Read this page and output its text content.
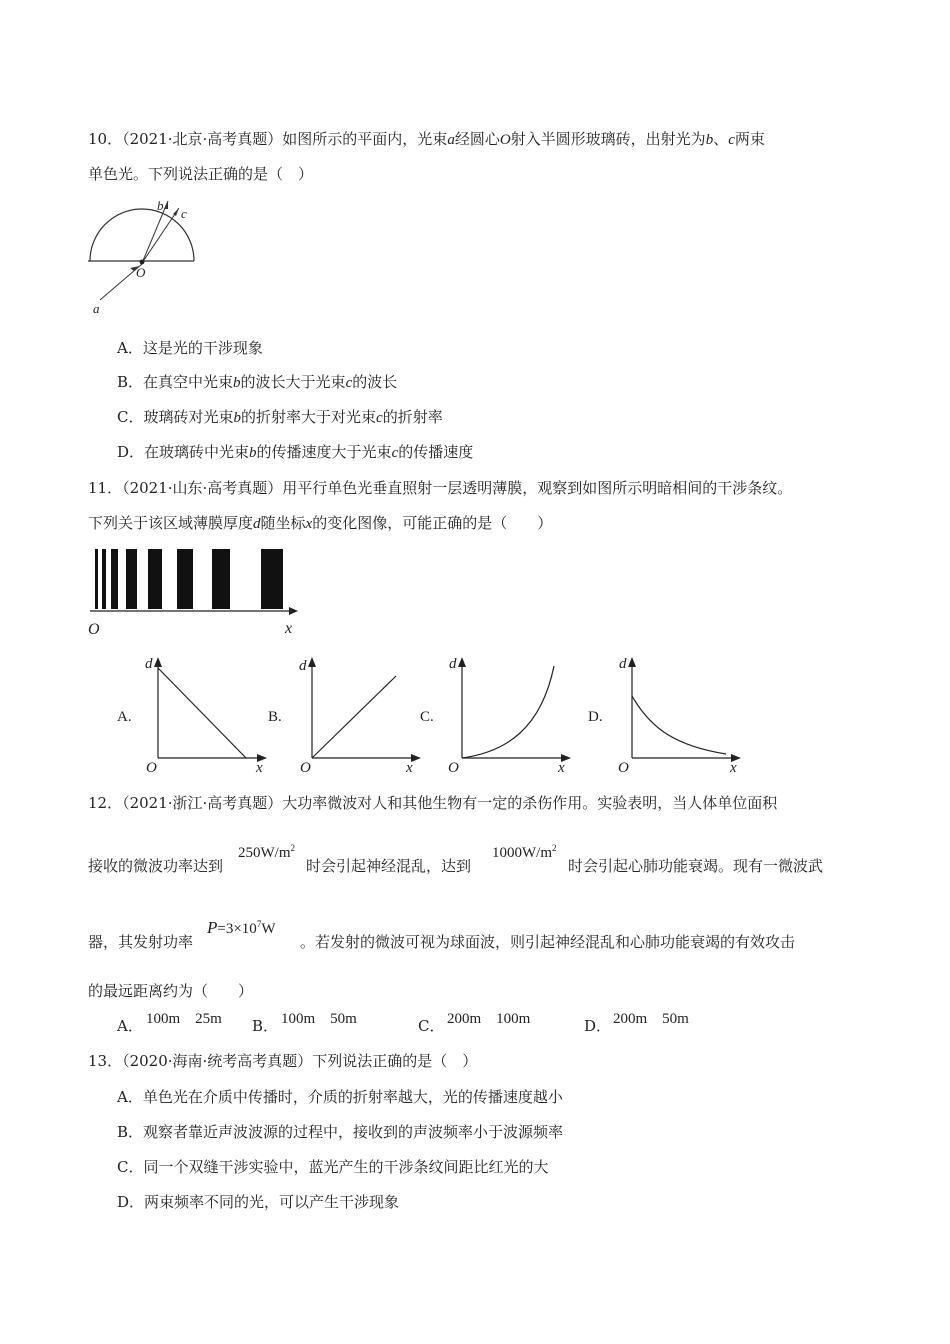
10．（2021·北京·高考真题）如图所示的平面内，光束a经圆心O射入半圆形玻璃砖，出射光为b、c两束
单色光。下列说法正确的是（　）
b
c
O
a
A．这是光的干涉现象
B．在真空中光束b的波长大于光束c的波长
C．玻璃砖对光束b的折射率大于对光束c的折射率
D．在玻璃砖中光束b的传播速度大于光束c的传播速度
11．（2021·山东·高考真题）用平行单色光垂直照射一层透明薄膜，观察到如图所示明暗相间的干涉条纹。
下列关于该区域薄膜厚度d随坐标x的变化图像，可能正确的是（　　）
O	x
A.
d
O	x
B.
d
O	x
C.
d
O	x
D.
d
O	x
12．（2021·浙江·高考真题）大功率微波对人和其他生物有一定的杀伤作用。实验表明，当人体单位面积
接收的微波功率达到
$250W/m^2$
时会引起神经混乱，达到
$1000W/m^2$
时会引起心肺功能衰竭。现有一微波武
器，其发射功率
$P=3\times 10^7W$
。若发射的微波可视为球面波，则引起神经混乱和心肺功能衰竭的有效攻击
的最远距离约为（　　）
A． 100m  25m B． 100m  50m	C． 200m  100m	D． 200m  50m
13．（2020·海南·统考高考真题）下列说法正确的是（　）
A．单色光在介质中传播时，介质的折射率越大，光的传播速度越小
B．观察者靠近声波波源的过程中，接收到的声波频率小于波源频率
C．同一个双缝干涉实验中，蓝光产生的干涉条纹间距比红光的大
D．两束频率不同的光，可以产生干涉现象
